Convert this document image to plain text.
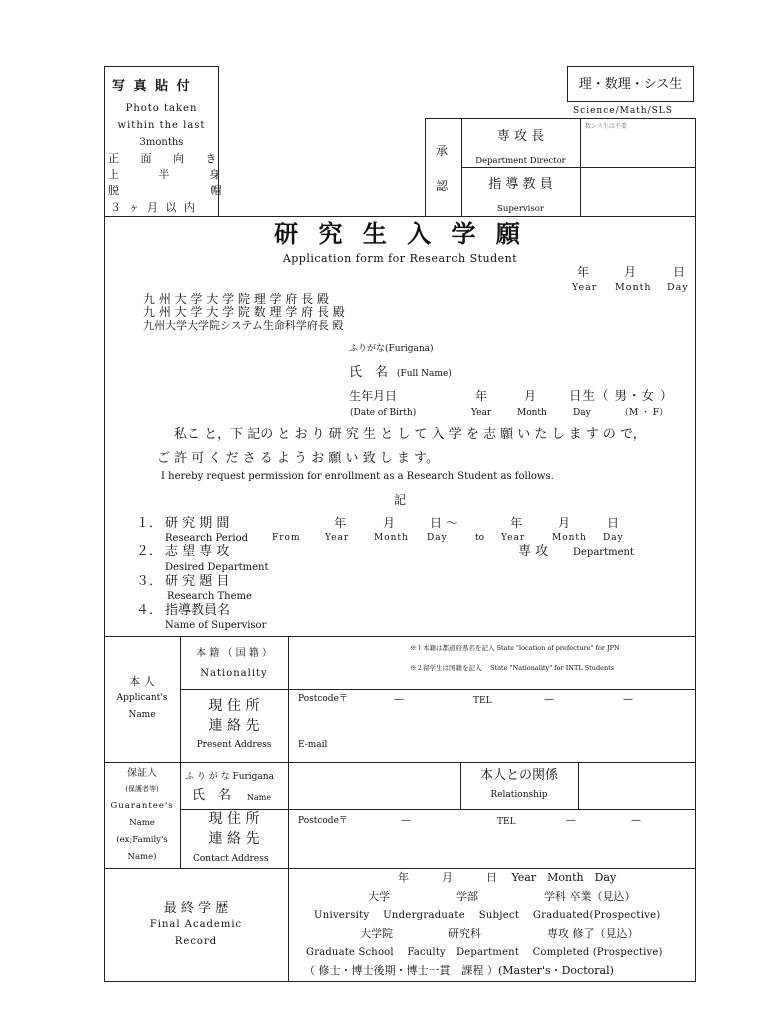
写 真 貼 付
Photo taken
within the last
3months
正 面 向 き
上 半 身
脱 帽
３ ヶ 月 以 内
理・数理・シス生
Science/Math/SLS
承
認
専 攻 長
Department Director
指 導 教 員
Supervisor
数シス生は不要
研 究 生 入 学 願
Application form for Research Student
年	月	日
Year Month Day
九 州 大 学 大 学 院 理 学 府 長 殿
九 州 大 学 大 学 院 数 理 学 府 長 殿
九州大学大学院システム生命科学府長 殿
ふりがな(Furigana)
氏　名 (Full Name)
生年月日	年	月	日生（ 男・女 ）
(Date of Birth)	Year	Month	Day	（M ・ F）
私こ と，下 記の と お り 研 究 生 と し て 入 学 を 志 願 い た し ま す の で，
ご 許 可 く だ さ る よ う お 願 い 致 し ま す。
I hereby request permission for enrollment as a Research Student as follows.
記
１． 研 究 期 間	年	月	日 〜	年	月	日
Research Period	From	Year	Month Day	to Year	Month Day
２． 志 望 専 攻	専 攻 Department
Desired Department
３． 研 究 題 目
Research Theme
４． 指導教員名
Name of Supervisor
本 人
Applicant's
Name
本 籍 （ 国 籍 ）
Nationality
※１本籍は都道府県名を記入 State "location of prefecture" for JPN
※２留学生は国籍を記入　 State "Nationality" for INTL Students
現 住 所
連 絡 先
Present Address
Postcode〒	—	TEL	—	—
E-mail
保証人
(保護者等)
Guarantee's
Name
(ex;Family's
Name)
ふ り が な Furigana
氏　名 Name
本人との関係
Relationship
現 住 所
連 絡 先
Contact Address
Postcode〒	—	TEL	—	—
最 終 学 歴
Final Academic
Record
年　　　月　　　日　 Year　Month　Day
大学　　　　　　学部　　　　　　学科 卒業（見込）
University　 Undergraduate　 Subject　 Graduated(Prospective)
大学院　　　　　研究科　　　　　　専攻 修了（見込）
Graduate School　 Faculty　Department　 Completed (Prospective)
（ 修士・博士後期・博士一貫　課程 ）(Master's・Doctoral)
